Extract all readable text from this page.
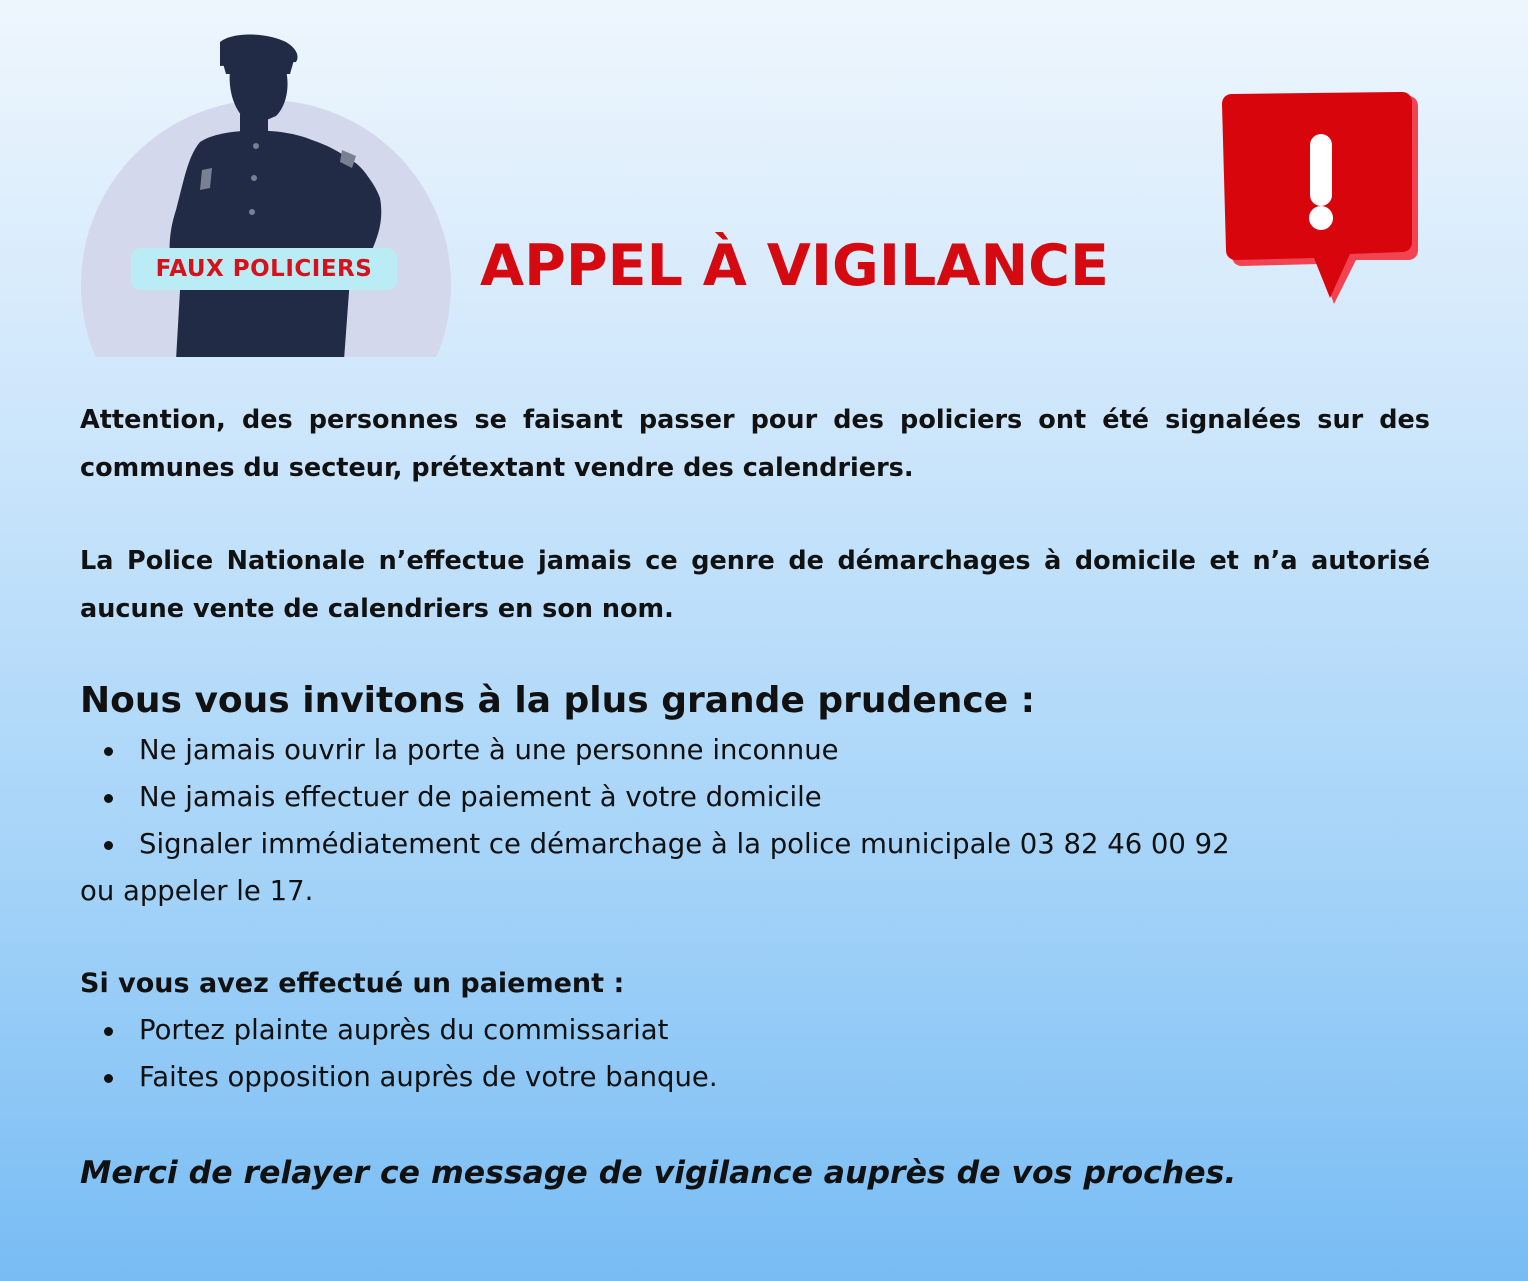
FAUX POLICIERS APPEL À VIGILANCE

Attention, des personnes se faisant passer pour des policiers ont été signalées sur des communes du secteur, prétextant vendre des calendriers.

La Police Nationale n’effectue jamais ce genre de démarchages à domicile et n’a autorisé aucune vente de calendriers en son nom.

Nous vous invitons à la plus grande prudence :
Ne jamais ouvrir la porte à une personne inconnue
Ne jamais effectuer de paiement à votre domicile
Signaler immédiatement ce démarchage à la police municipale 03 82 46 00 92
ou appeler le 17.
Si vous avez effectué un paiement :
Portez plainte auprès du commissariat
Faites opposition auprès de votre banque.

Merci de relayer ce message de vigilance auprès de vos proches.
